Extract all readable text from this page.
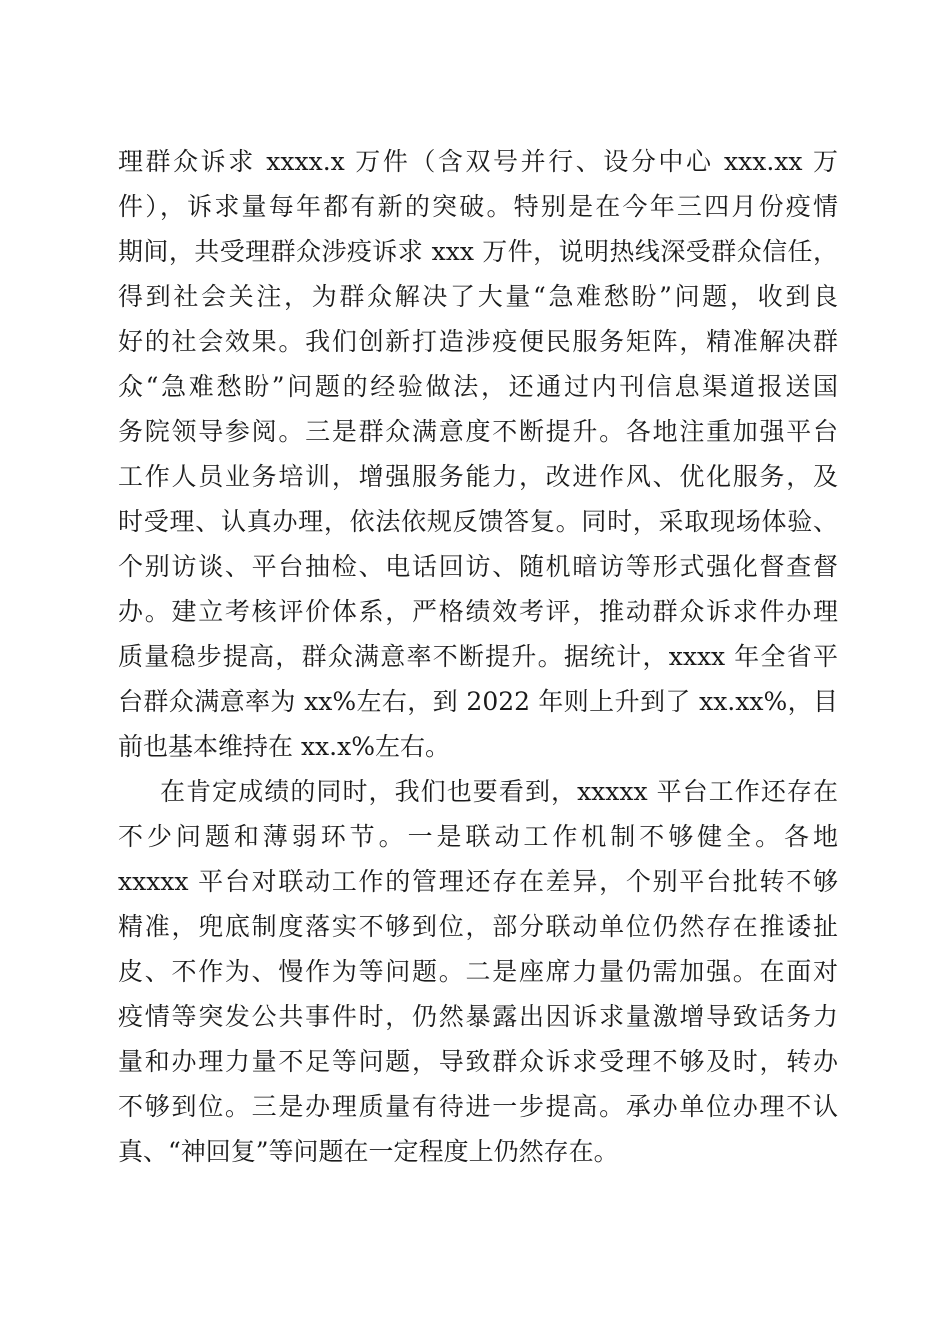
理群众诉求 xxxx.x 万件（含双号并行、设分中心 xxx.xx 万
件），诉求量每年都有新的突破。特别是在今年三四月份疫情
期间，共受理群众涉疫诉求 xxx 万件，说明热线深受群众信任，
得到社会关注，为群众解决了大量“急难愁盼”问题，收到良
好的社会效果。我们创新打造涉疫便民服务矩阵，精准解决群
众“急难愁盼”问题的经验做法，还通过内刊信息渠道报送国
务院领导参阅。三是群众满意度不断提升。各地注重加强平台
工作人员业务培训，增强服务能力，改进作风、优化服务，及
时受理、认真办理，依法依规反馈答复。同时，采取现场体验、
个别访谈、平台抽检、电话回访、随机暗访等形式强化督查督
办。建立考核评价体系，严格绩效考评，推动群众诉求件办理
质量稳步提高，群众满意率不断提升。据统计，xxxx 年全省平
台群众满意率为 xx%左右，到 2022 年则上升到了 xx.xx%，目
前也基本维持在 xx.x%左右。
在肯定成绩的同时，我们也要看到，xxxxx 平台工作还存在
不少问题和薄弱环节。一是联动工作机制不够健全。各地
xxxxx 平台对联动工作的管理还存在差异，个别平台批转不够
精准，兜底制度落实不够到位，部分联动单位仍然存在推诿扯
皮、不作为、慢作为等问题。二是座席力量仍需加强。在面对
疫情等突发公共事件时，仍然暴露出因诉求量激增导致话务力
量和办理力量不足等问题，导致群众诉求受理不够及时，转办
不够到位。三是办理质量有待进一步提高。承办单位办理不认
真、“神回复”等问题在一定程度上仍然存在。
